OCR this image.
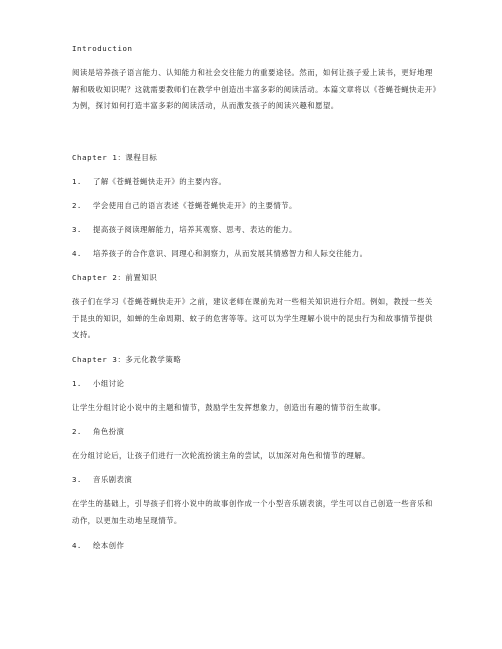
Introduction
阅读是培养孩子语言能力、认知能力和社会交往能力的重要途径。然而，如何让孩子爱上读书，更好地理解和吸收知识呢？这就需要教师们在教学中创造出丰富多彩的阅读活动。本篇文章将以《苍蝇苍蝇快走开》为例，探讨如何打造丰富多彩的阅读活动，从而激发孩子的阅读兴趣和愿望。
Chapter 1：课程目标
1. 了解《苍蝇苍蝇快走开》的主要内容。
2. 学会使用自己的语言表述《苍蝇苍蝇快走开》的主要情节。
3. 提高孩子阅读理解能力，培养其观察、思考、表达的能力。
4. 培养孩子的合作意识、同理心和洞察力，从而发展其情感智力和人际交往能力。
Chapter 2：前置知识
孩子们在学习《苍蝇苍蝇快走开》之前，建议老师在课前先对一些相关知识进行介绍。例如，教授一些关于昆虫的知识，如蝉的生命周期、蚊子的危害等等。这可以为学生理解小说中的昆虫行为和故事情节提供支持。
Chapter 3：多元化教学策略
1. 小组讨论
让学生分组讨论小说中的主题和情节，鼓励学生发挥想象力，创造出有趣的情节衍生故事。
2. 角色扮演
在分组讨论后，让孩子们进行一次轮流扮演主角的尝试，以加深对角色和情节的理解。
3. 音乐剧表演
在学生的基础上，引导孩子们将小说中的故事创作成一个小型音乐剧表演，学生可以自己创造一些音乐和动作，以更加生动地呈现情节。
4. 绘本创作
